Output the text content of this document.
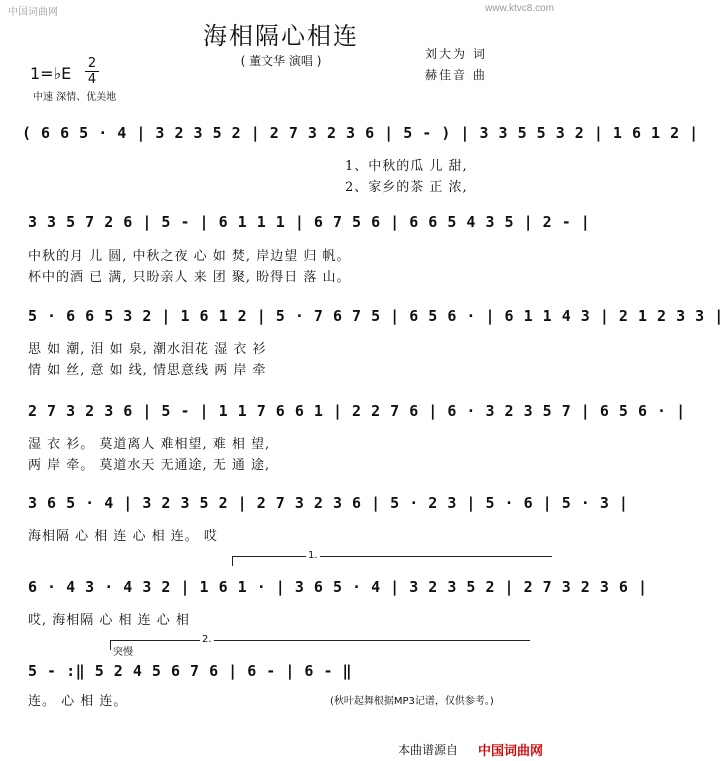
中国词曲网	www.ktvc8.com
海相隔心相连
( 董文华 演唱 )	刘大为 词
赫佳音 曲
1=♭E
2
4
中速 深情、优美地
( 6 6 5 · 4 | 3 2 3 5 2 | 2 7 3 2 3 6 | 5 - ) | 3 3 5 5 3 2 | 1 6 1 2 |
1、中秋的瓜 儿 甜,
2、家乡的茶 正 浓,
3 3 5 7 2 6 | 5 - | 6 1 1 1 | 6 7 5 6 | 6 6 5 4 3 5 | 2 - |
中秋的月 儿 圆, 中秋之夜 心 如 焚, 岸边望 归 帆。
杯中的酒 已 满, 只盼亲人 来 团 聚, 盼得日 落 山。
5 · 6 6 5 3 2 | 1 6 1 2 | 5 · 7 6 7 5 | 6 5 6 · | 6 1 1 4 3 | 2 1 2 3 3 |
思 如 潮, 泪 如 泉, 潮水泪花 湿 衣 衫
情 如 丝, 意 如 线, 情思意线 两 岸 牵
2 7 3 2 3 6 | 5 - | 1 1 7 6 6 1 | 2 2 7 6 | 6 · 3 2 3 5 7 | 6 5 6 · |
湿 衣 衫。 莫道离人 难相望, 难 相 望,
两 岸 牵。 莫道水天 无通途, 无 通 途,
3 6 5 · 4 | 3 2 3 5 2 | 2 7 3 2 3 6 | 5 · 2 3 | 5 · 6 | 5 · 3 |
海相隔 心 相 连 心 相 连。 哎
1.
6 · 4 3 · 4 3 2 | 1 6 1 · | 3 6 5 · 4 | 3 2 3 5 2 | 2 7 3 2 3 6 |
哎, 海相隔 心 相 连 心 相
2.
突慢
5 - :‖ 5 2 4 5 6 7 6 | 6 - | 6 - ‖
连。 心 相 连。	(秋叶起舞根据MP3记谱，仅供参考。)
本曲谱源自 中国词曲网
